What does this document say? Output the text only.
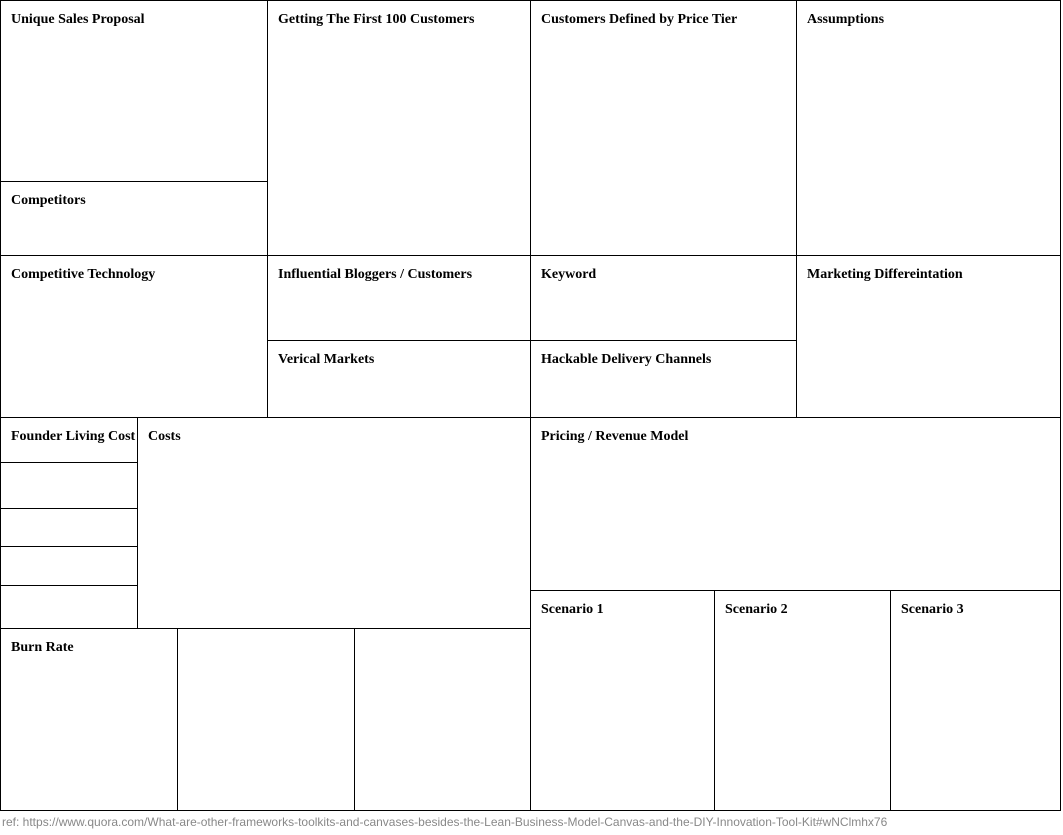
Unique Sales Proposal
Competitors
Getting The First 100 Customers	Customers Defined by Price Tier	Assumptions
Competitive Technology	Influential Bloggers / Customers
Verical Markets
Keyword
Hackable Delivery Channels
Marketing Differeintation
Founder Living Cost Costs	Pricing / Revenue Model
Burn Rate
Scenario 1	Scenario 2	Scenario 3
ref: https://www.quora.com/What-are-other-frameworks-toolkits-and-canvases-besides-the-Lean-Business-Model-Canvas-and-the-DIY-Innovation-Tool-Kit#wNClmhx76
